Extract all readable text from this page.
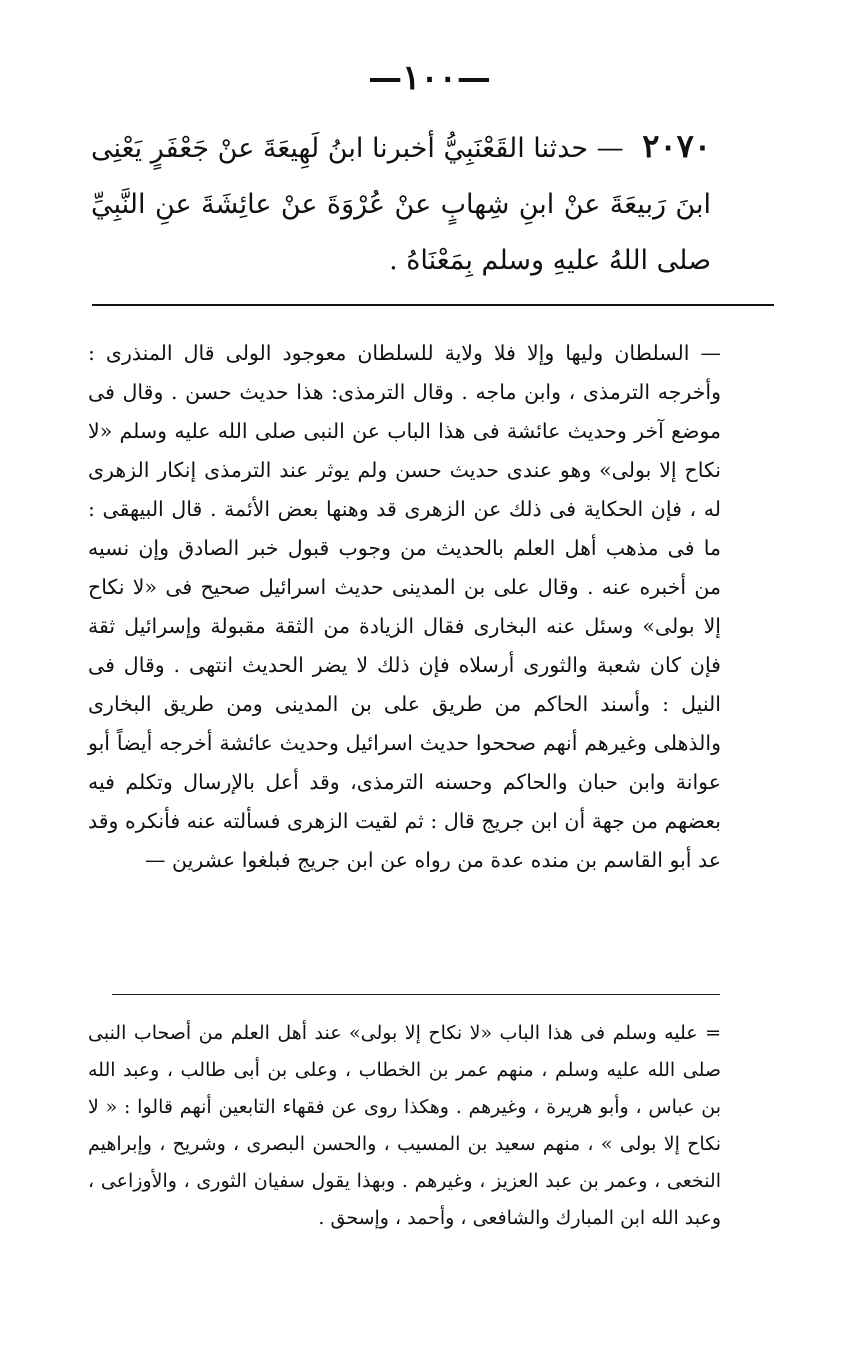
—١٠٠—
٢٠٧٠ — حدثنا القَعْنَبِيُّ أخبرنا ابنُ لَهِيعَةَ عنْ جَعْفَرٍ يَعْنِى ابنَ رَبيعَةَ عنْ ابنِ شِهابٍ عنْ عُرْوَةَ عنْ عائِشَةَ عنِ النَّبِيِّ صلى اللهُ عليهِ وسلم بِمَعْنَاهُ .
— السلطان وليها وإلا فلا ولاية للسلطان معوجود الولى قال المنذرى : وأخرجه الترمذى ، وابن ماجه . وقال الترمذى: هذا حديث حسن . وقال فى موضع آخر وحديث عائشة فى هذا الباب عن النبى صلى الله عليه وسلم «لا نكاح إلا بولى» وهو عندى حديث حسن ولم يوثر عند الترمذى إنكار الزهرى له ، فإن الحكاية فى ذلك عن الزهرى قد وهنها بعض الأئمة . قال البيهقى : ما فى مذهب أهل العلم بالحديث من وجوب قبول خبر الصادق وإن نسيه من أخبره عنه . وقال على بن المدينى حديث اسرائيل صحيح فى «لا نكاح إلا بولى» وسئل عنه البخارى فقال الزيادة من الثقة مقبولة وإسرائيل ثقة فإن كان شعبة والثورى أرسلاه فإن ذلك لا يضر الحديث انتهى . وقال فى النيل : وأسند الحاكم من طريق على بن المدينى ومن طريق البخارى والذهلى وغيرهم أنهم صححوا حديث اسرائيل وحديث عائشة أخرجه أيضاً أبو عوانة وابن حبان والحاكم وحسنه الترمذى، وقد أعل بالإرسال وتكلم فيه بعضهم من جهة أن ابن جريج قال : ثم لقيت الزهرى فسألته عنه فأنكره وقد عد أبو القاسم بن منده عدة من رواه عن ابن جريج فبلغوا عشرين —
= عليه وسلم فى هذا الباب «لا نكاح إلا بولى» عند أهل العلم من أصحاب النبى صلى الله عليه وسلم ، منهم عمر بن الخطاب ، وعلى بن أبى طالب ، وعبد الله بن عباس ، وأبو هريرة ، وغيرهم . وهكذا روى عن فقهاء التابعين أنهم قالوا : « لا نكاح إلا بولى » ، منهم سعيد بن المسيب ، والحسن البصرى ، وشريح ، وإبراهيم النخعى ، وعمر بن عبد العزيز ، وغيرهم . وبهذا يقول سفيان الثورى ، والأوزاعى ، وعبد الله ابن المبارك والشافعى ، وأحمد ، وإسحق .
